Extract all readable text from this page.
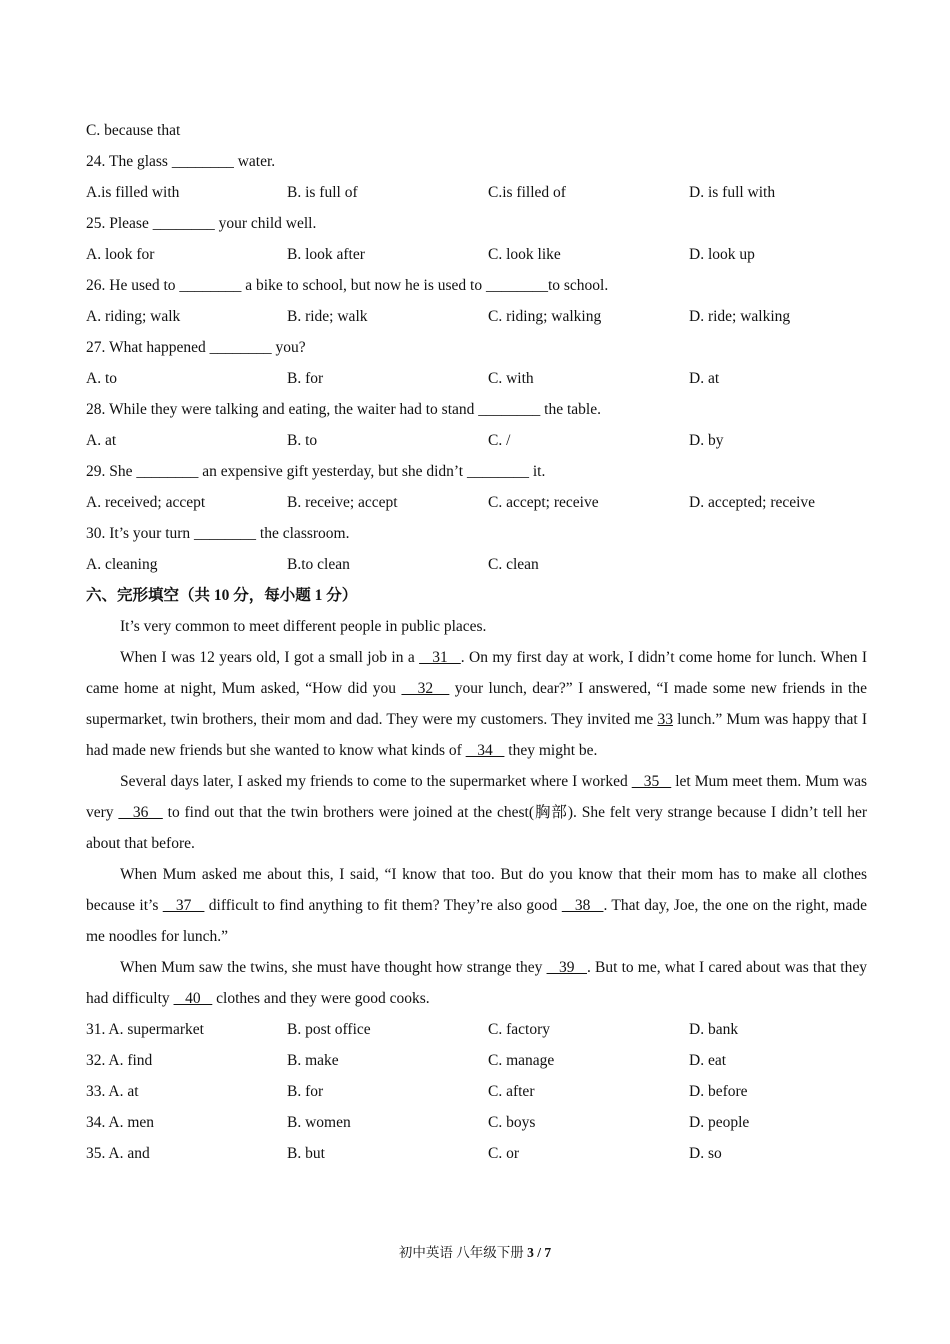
C. because that
24. The glass ________ water.
A.is filled with	B. is full of	C.is filled of	D. is full with
25. Please ________ your child well.
A. look for	B. look after	C. look like	D. look up
26. He used to ________ a bike to school, but now he is used to ________to school.
A. riding; walk	B. ride; walk	C. riding; walking	D. ride; walking
27. What happened ________ you?
A. to	B. for	C. with	D. at
28. While they were talking and eating, the waiter had to stand ________ the table.
A. at	B. to	C. /	D. by
29. She ________ an expensive gift yesterday, but she didn’t ________ it.
A. received; accept	B. receive; accept	C. accept; receive	D. accepted; receive
30. It’s your turn ________ the classroom.
A. cleaning	B.to clean	C. clean
六、完形填空（共 10 分，每小题 1 分）

It’s very common to meet different people in public places.

When I was 12 years old, I got a small job in a    31   . On my first day at work, I didn’t come home for lunch. When I came home at night, Mum asked, “How did you    32    your lunch, dear?” I answered, “I made some new friends in the supermarket, twin brothers, their mom and dad. They were my customers. They invited me 33 lunch.” Mum was happy that I had made new friends but she wanted to know what kinds of    34    they might be.

Several days later, I asked my friends to come to the supermarket where I worked    35    let Mum meet them. Mum was very    36    to find out that the twin brothers were joined at the chest(胸部). She felt very strange because I didn’t tell her about that before.

When Mum asked me about this, I said, “I know that too. But do you know that their mom has to make all clothes because it’s    37    difficult to find anything to fit them? They’re also good    38   . That day, Joe, the one on the right, made me noodles for lunch.”

When Mum saw the twins, she must have thought how strange they    39   . But to me, what I cared about was that they had difficulty    40    clothes and they were good cooks.

31. A. supermarket	B. post office	C. factory	D. bank
32. A. find	B. make	C. manage	D. eat
33. A. at	B. for	C. after	D. before
34. A. men	B. women	C. boys	D. people
35. A. and	B. but	C. or	D. so
初中英语 八年级下册 3 / 7
